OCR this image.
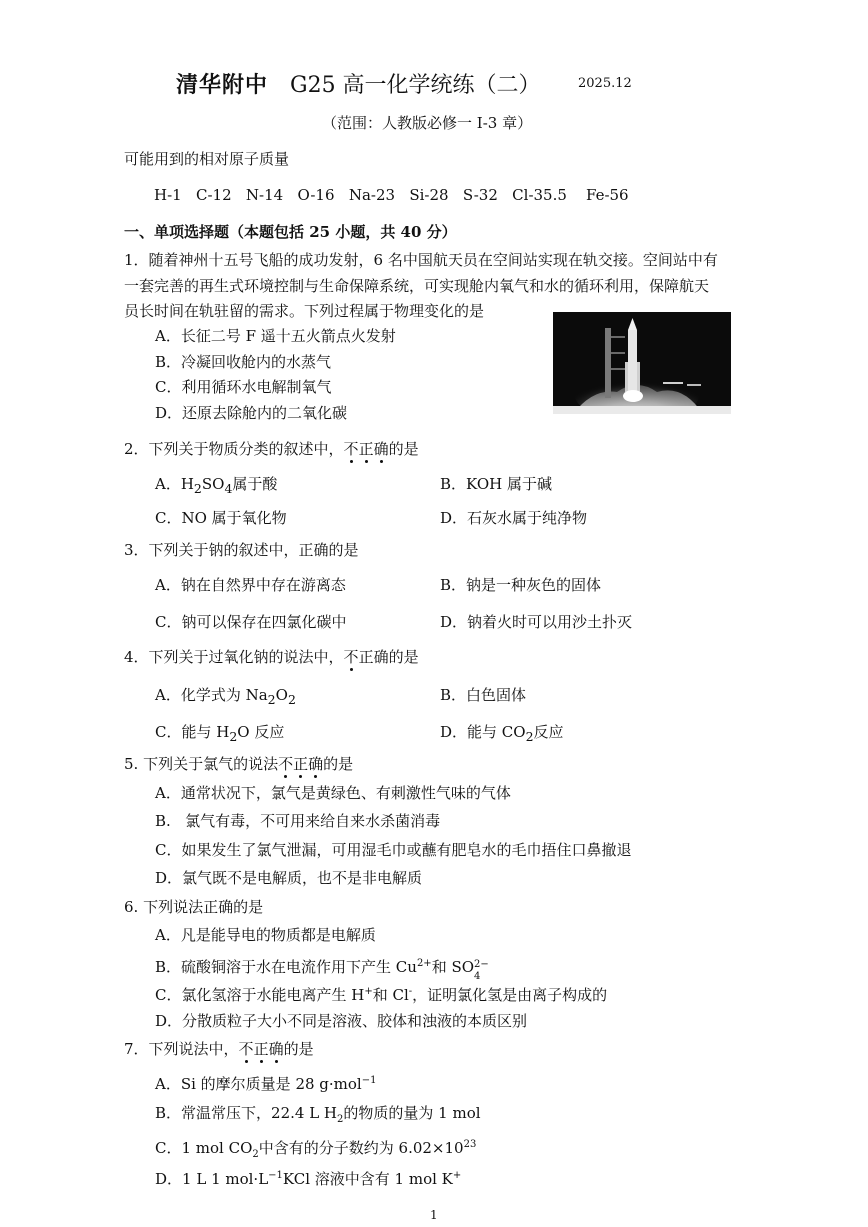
清华附中 G25 高一化学统练（二）	2025.12
（范围：人教版必修一 I-3 章）
可能用到的相对原子质量
H-1   C-12   N-14   O-16   Na-23   Si-28   S-32   Cl-35.5    Fe-56
一、单项选择题（本题包括 25 小题，共 40 分）
1．随着神州十五号飞船的成功发射，6 名中国航天员在空间站实现在轨交接。空间站中有
一套完善的再生式环境控制与生命保障系统，可实现舱内氧气和水的循环利用，保障航天
员长时间在轨驻留的需求。下列过程属于物理变化的是
A．长征二号 F 遥十五火箭点火发射
B．冷凝回收舱内的水蒸气
C．利用循环水电解制氧气
D．还原去除舱内的二氧化碳
2．下列关于物质分类的叙述中，不正确的是
A．$H_2SO_4$属于酸	B．KOH 属于碱
C．NO 属于氧化物	D．石灰水属于纯净物
3．下列关于钠的叙述中，正确的是
A．钠在自然界中存在游离态	B．钠是一种灰色的固体
C．钠可以保存在四氯化碳中	D．钠着火时可以用沙土扑灭
4．下列关于过氧化钠的说法中，不正确的是
A．化学式为 $Na_2O_2$	B．白色固体
C．能与 $H_2O$ 反应	D．能与 $CO_2$反应
5. 下列关于氯气的说法不正确的是
A．通常状况下，氯气是黄绿色、有刺激性气味的气体
B.   氯气有毒，不可用来给自来水杀菌消毒
C．如果发生了氯气泄漏，可用湿毛巾或蘸有肥皂水的毛巾捂住口鼻撤退
D．氯气既不是电解质，也不是非电解质
6. 下列说法正确的是
A．凡是能导电的物质都是电解质
B．硫酸铜溶于水在电流作用下产生 $Cu^{2+}$和 SO 2−
4
C．氯化氢溶于水能电离产生 H+和 Cl-，证明氯化氢是由离子构成的
D．分散质粒子大小不同是溶液、胶体和浊液的本质区别
7．下列说法中，不正确的是
A．Si 的摩尔质量是 28 g·mol$^{-1}$
B．常温常压下，22.4 L $H_2$的物质的量为 1 mol
C．1 mol $CO_2$中含有的分子数约为 $6.02\times 10^{23}$
D．1 L 1 $mol\cdot L^{-1}KCl$ 溶液中含有 1 mol K+
1
